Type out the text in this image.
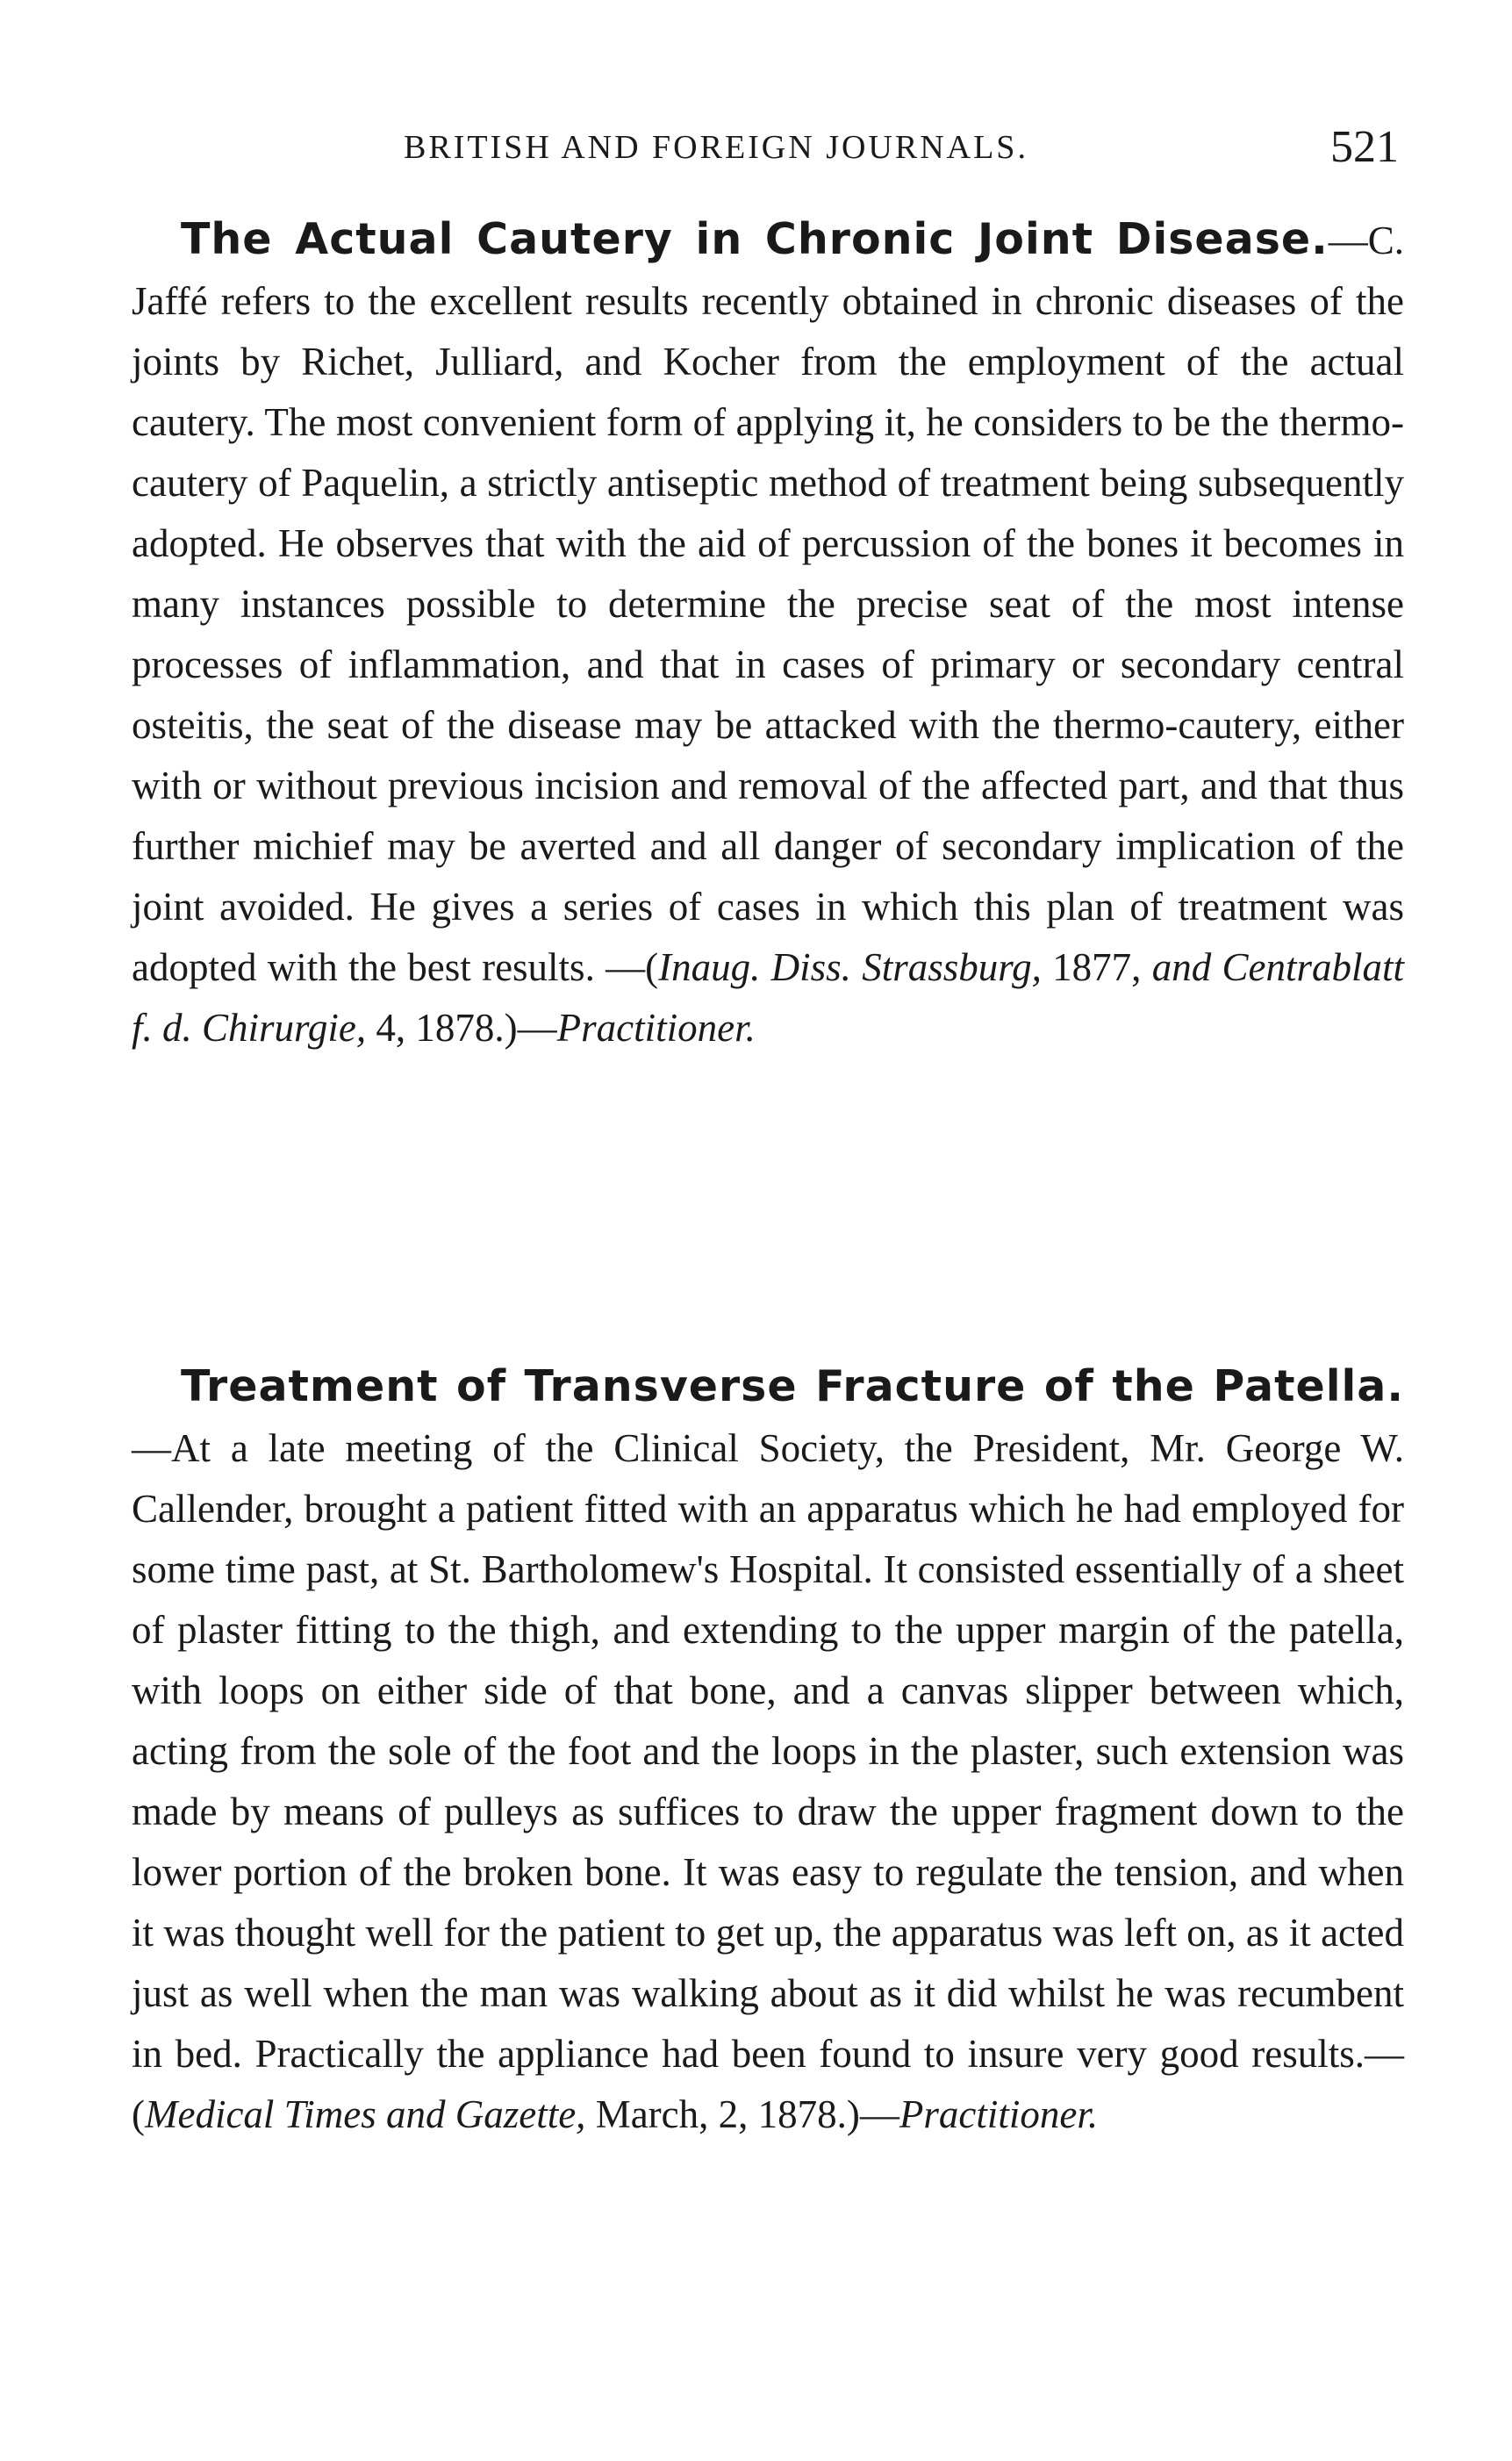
BRITISH AND FOREIGN JOURNALS.	521

The Actual Cautery in Chronic Joint Disease.—C. Jaffé refers to the excellent results recently obtained in chronic diseases of the joints by Richet, Julliard, and Kocher from the employment of the actual cautery. The most convenient form of applying it, he considers to be the thermo-cautery of Paquelin, a strictly antiseptic method of treatment being subsequently adopted. He observes that with the aid of percussion of the bones it becomes in many instances possible to determine the precise seat of the most intense processes of inflammation, and that in cases of primary or secondary central osteitis, the seat of the disease may be attacked with the thermo-cautery, either with or without previous incision and removal of the affected part, and that thus further michief may be averted and all danger of secondary implication of the joint avoided. He gives a series of cases in which this plan of treatment was adopted with the best results. —(Inaug. Diss. Strassburg, 1877, and Centrablatt f. d. Chirurgie, 4, 1878.)—Practitioner.

Treatment of Transverse Fracture of the Patella.—At a late meeting of the Clinical Society, the President, Mr. George W. Callender, brought a patient fitted with an apparatus which he had employed for some time past, at St. Bartholomew's Hospital. It consisted essentially of a sheet of plaster fitting to the thigh, and extending to the upper margin of the patella, with loops on either side of that bone, and a canvas slipper between which, acting from the sole of the foot and the loops in the plaster, such extension was made by means of pulleys as suffices to draw the upper fragment down to the lower portion of the broken bone. It was easy to regulate the tension, and when it was thought well for the patient to get up, the apparatus was left on, as it acted just as well when the man was walking about as it did whilst he was recumbent in bed. Practically the appliance had been found to insure very good results.—(Medical Times and Gazette, March, 2, 1878.)—Practitioner.
